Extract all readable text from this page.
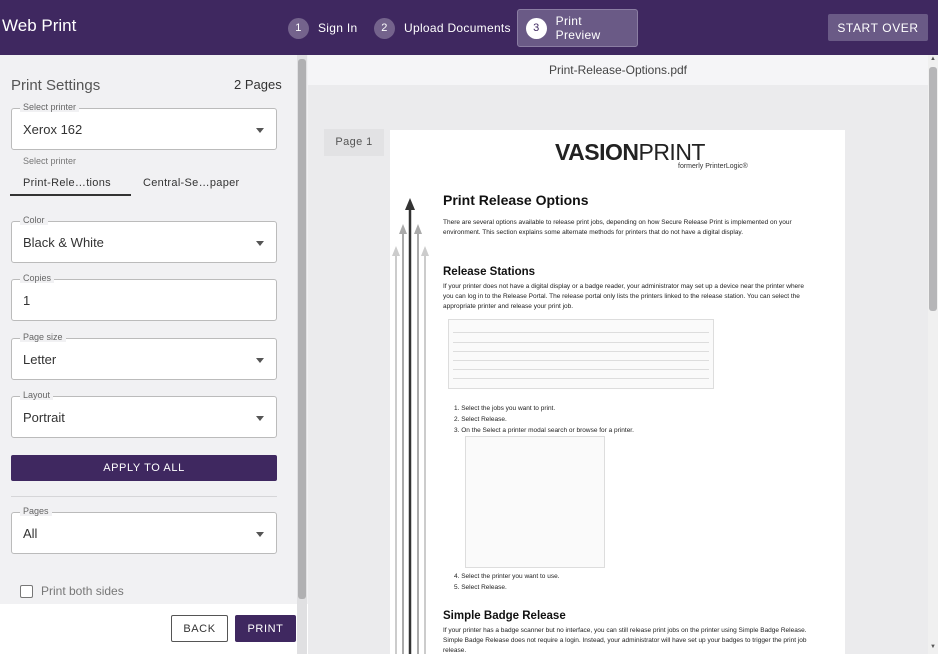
Web Print	1	Sign In	2	Upload Documents	3	Print Preview
START OVER
Print Settings	2 Pages
Select printer
Xerox 162
Select printer
Print-Rele…tions	Central-Se…paper
Color
Black & White
Copies
1
Page size
Letter
Layout
Portrait
APPLY TO ALL
Pages
All
Print both sides
BACK	PRINT
Print-Release-Options.pdf
Page 1	VASIONPRINT
formerly PrinterLogic®
Print Release Options
There are several options available to release print jobs, depending on how Secure Release Print is implemented on your environment. This section explains some alternate methods for printers that do not have a digital display.
Release Stations
If your printer does not have a digital display or a badge reader, your administrator may set up a device near the printer where you can log in to the Release Portal. The release portal only lists the printers linked to the release station. You can select the appropriate printer and release your print job.
1. Select the jobs you want to print.
2. Select Release.
3. On the Select a printer modal search or browse for a printer.
4. Select the printer you want to use.
5. Select Release.
Simple Badge Release
If your printer has a badge scanner but no interface, you can still release print jobs on the printer using Simple Badge Release. Simple Badge Release does not require a login. Instead, your administrator will have set up your badges to trigger the print job release.
▲
▼
